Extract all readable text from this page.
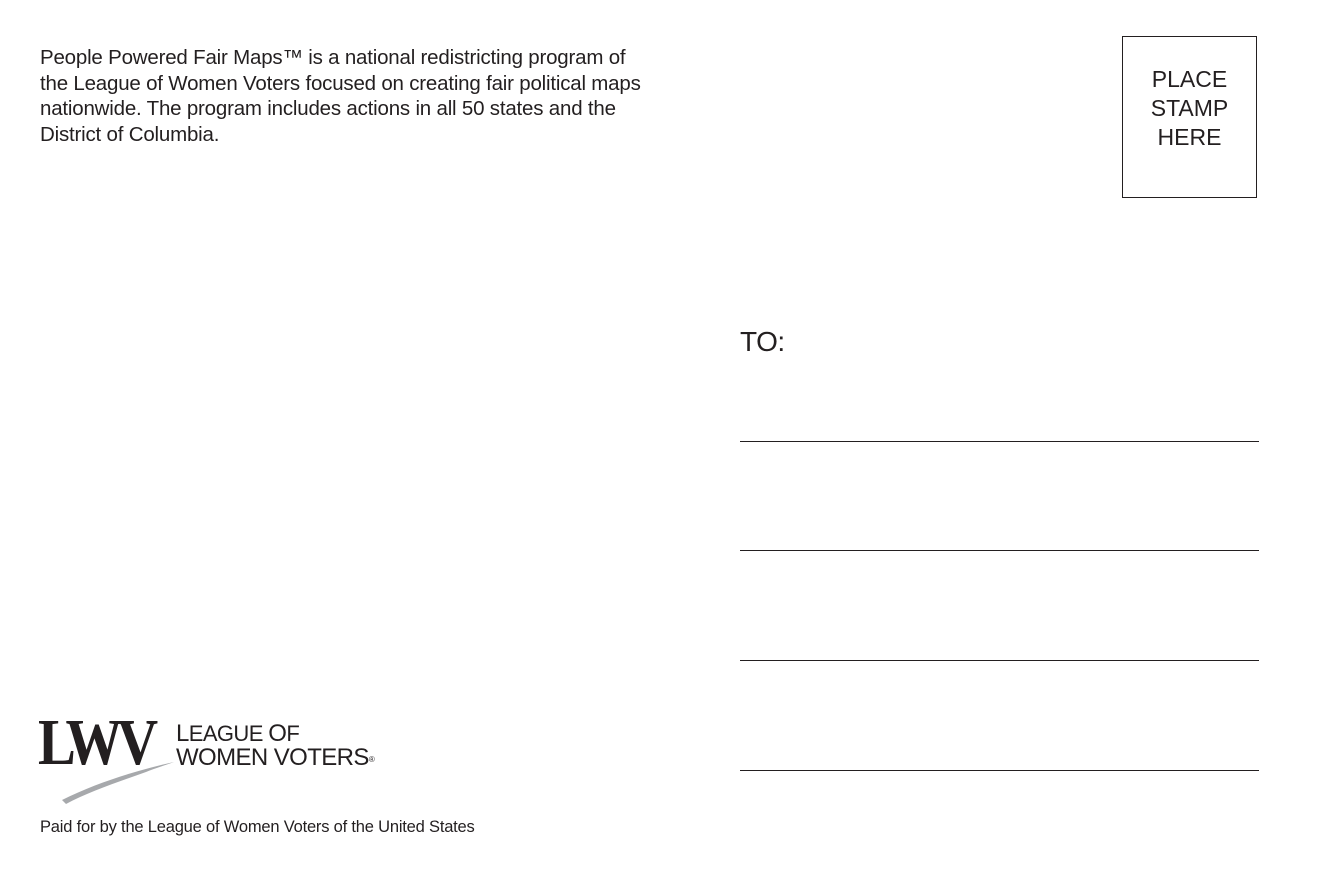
People Powered Fair Maps™ is a national redistricting program of the League of Women Voters focused on creating fair political maps nationwide. The program includes actions in all 50 states and the District of Columbia.

PLACE
STAMP
HERE
TO:
LWV LEAGUE OF
WOMEN VOTERS®
Paid for by the League of Women Voters of the United States
